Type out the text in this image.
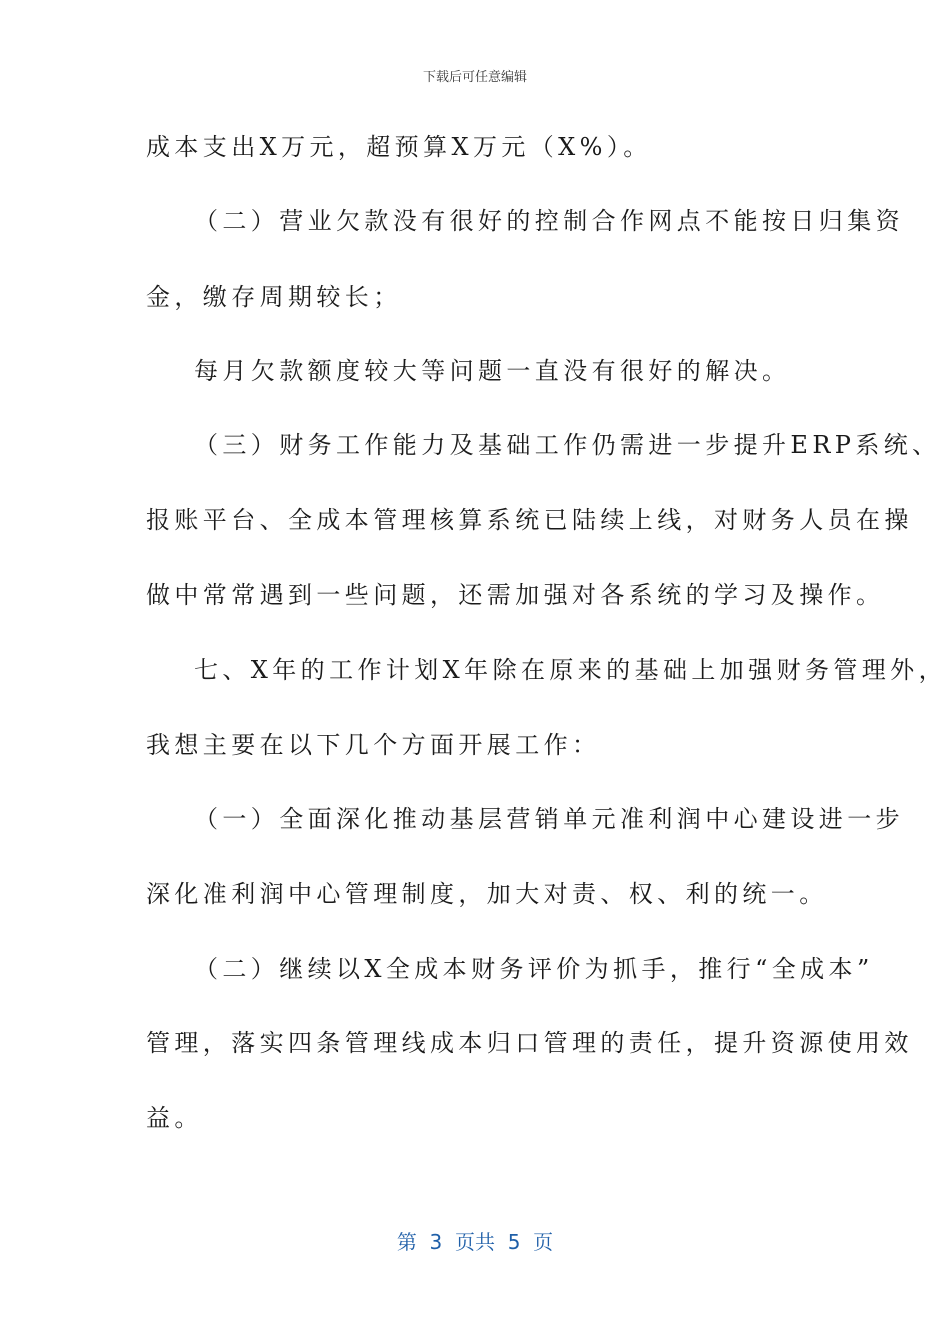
下载后可任意编辑
成本支出X万元，超预算X万元（X%）。
（二）营业欠款没有很好的控制合作网点不能按日归集资
金，缴存周期较长；
每月欠款额度较大等问题一直没有很好的解决。
（三）财务工作能力及基础工作仍需进一步提升ERP系统、
报账平台、全成本管理核算系统已陆续上线，对财务人员在操
做中常常遇到一些问题，还需加强对各系统的学习及操作。
七、X年的工作计划X年除在原来的基础上加强财务管理外，
我想主要在以下几个方面开展工作：
（一）全面深化推动基层营销单元准利润中心建设进一步
深化准利润中心管理制度，加大对责、权、利的统一。
（二）继续以X全成本财务评价为抓手，推行“全成本”
管理，落实四条管理线成本归口管理的责任，提升资源使用效
益。
第  3  页共  5  页
